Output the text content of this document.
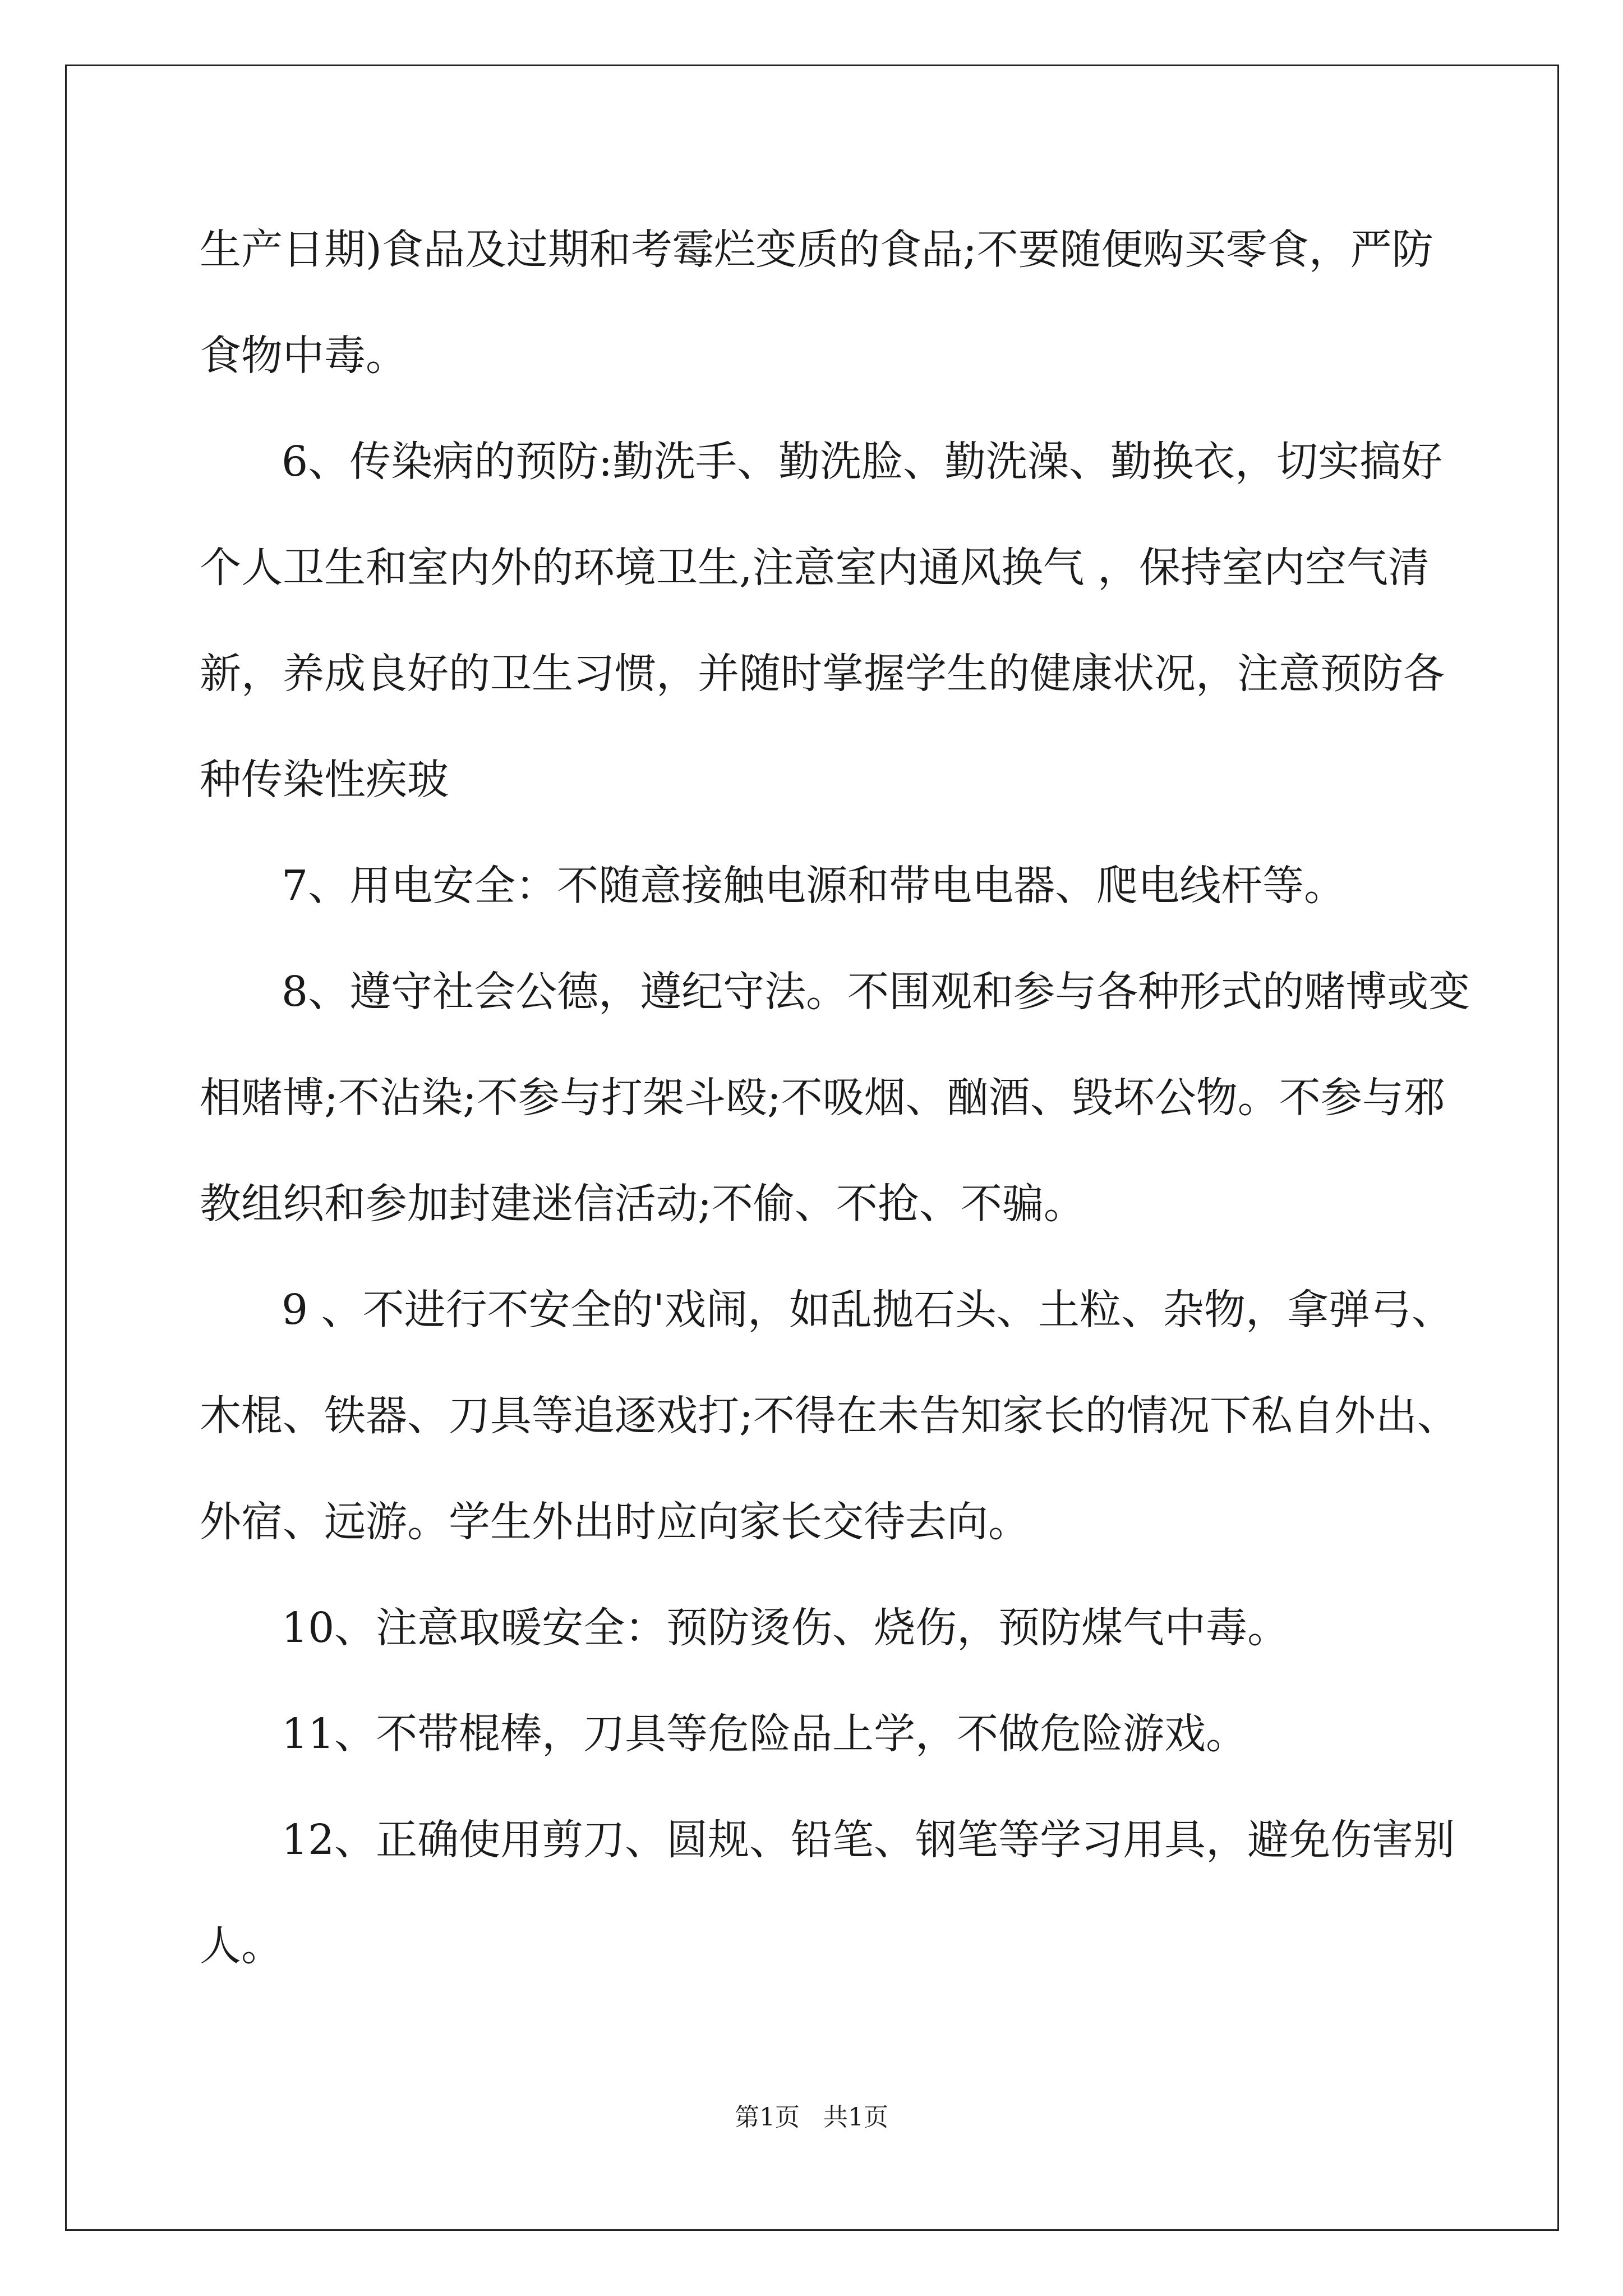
生产日期)食品及过期和考霉烂变质的食品;不要随便购买零食，严防
食物中毒。
6、传染病的预防:勤洗手、勤洗脸、勤洗澡、勤换衣，切实搞好
个人卫生和室内外的环境卫生,注意室内通风换气 ，保持室内空气清
新，养成良好的卫生习惯，并随时掌握学生的健康状况，注意预防各
种传染性疾玻
7、用电安全：不随意接触电源和带电电器、爬电线杆等。
8、遵守社会公德，遵纪守法。不围观和参与各种形式的赌博或变
相赌博;不沾染;不参与打架斗殴;不吸烟、酗酒、毁坏公物。不参与邪
教组织和参加封建迷信活动;不偷、不抢、不骗。
9 、不进行不安全的'戏闹，如乱抛石头、土粒、杂物，拿弹弓、
木棍、铁器、刀具等追逐戏打;不得在未告知家长的情况下私自外出、
外宿、远游。学生外出时应向家长交待去向。
10、注意取暖安全：预防烫伤、烧伤，预防煤气中毒。
11、不带棍棒，刀具等危险品上学，不做危险游戏。
12、正确使用剪刀、圆规、铅笔、钢笔等学习用具，避免伤害别
人。
第1页   共1页
